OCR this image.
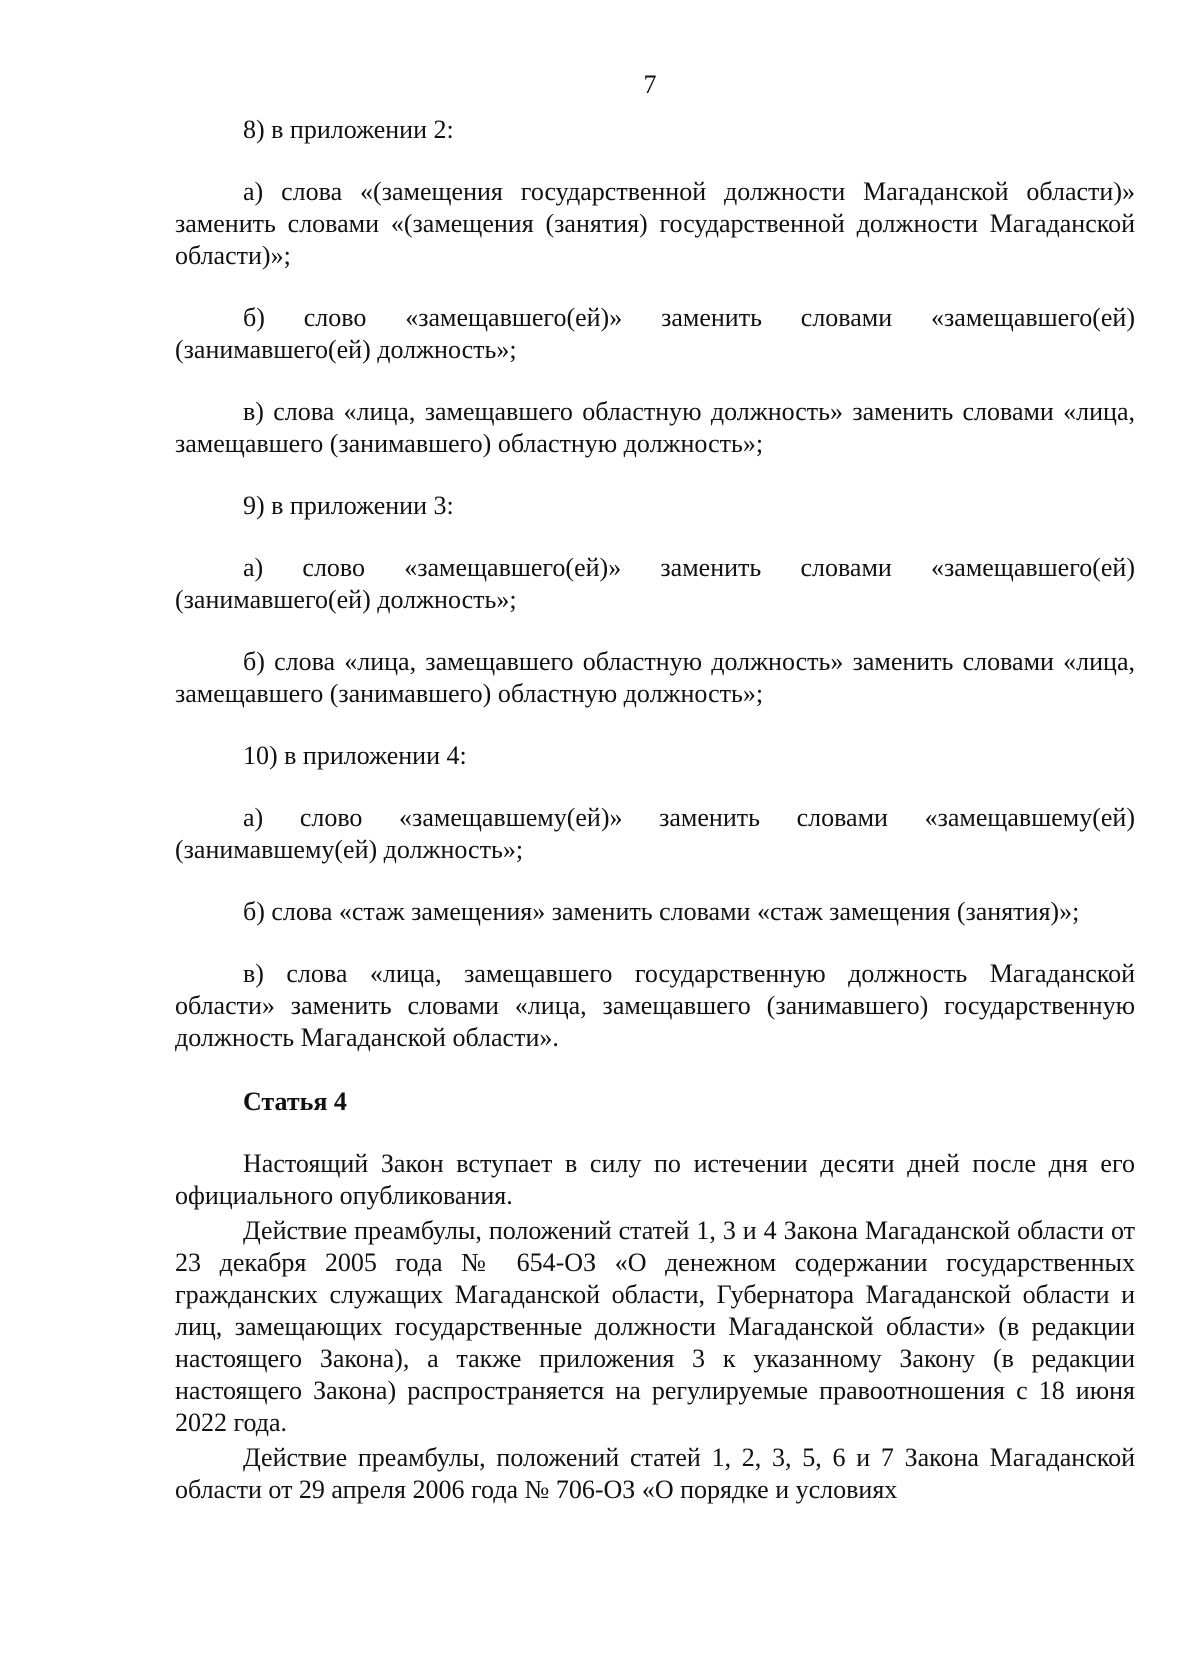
7

8) в приложении 2:

а) слова «(замещения государственной должности Магаданской области)» заменить словами «(замещения (занятия) государственной должности Магаданской области)»;

б) слово «замещавшего(ей)» заменить словами «замещавшего(ей) (занимавшего(ей) должность»;

в) слова «лица, замещавшего областную должность» заменить словами «лица, замещавшего (занимавшего) областную должность»;

9) в приложении 3:

а) слово «замещавшего(ей)» заменить словами «замещавшего(ей) (занимавшего(ей) должность»;

б) слова «лица, замещавшего областную должность» заменить словами «лица, замещавшего (занимавшего) областную должность»;

10) в приложении 4:

а) слово «замещавшему(ей)» заменить словами «замещавшему(ей) (занимавшему(ей) должность»;

б) слова «стаж замещения» заменить словами «стаж замещения (занятия)»;

в) слова «лица, замещавшего государственную должность Магаданской области» заменить словами «лица, замещавшего (занимавшего) государственную должность Магаданской области».

Статья 4

Настоящий Закон вступает в силу по истечении десяти дней после дня его официального опубликования.

Действие преамбулы, положений статей 1, 3 и 4 Закона Магаданской области от 23 декабря 2005 года № 654-ОЗ «О денежном содержании государственных гражданских служащих Магаданской области, Губернатора Магаданской области и лиц, замещающих государственные должности Магаданской области» (в редакции настоящего Закона), а также приложения 3 к указанному Закону (в редакции настоящего Закона) распространяется на регулируемые правоотношения с 18 июня 2022 года.

Действие преамбулы, положений статей 1, 2, 3, 5, 6 и 7 Закона Магаданской области от 29 апреля 2006 года № 706-ОЗ «О порядке и условиях
